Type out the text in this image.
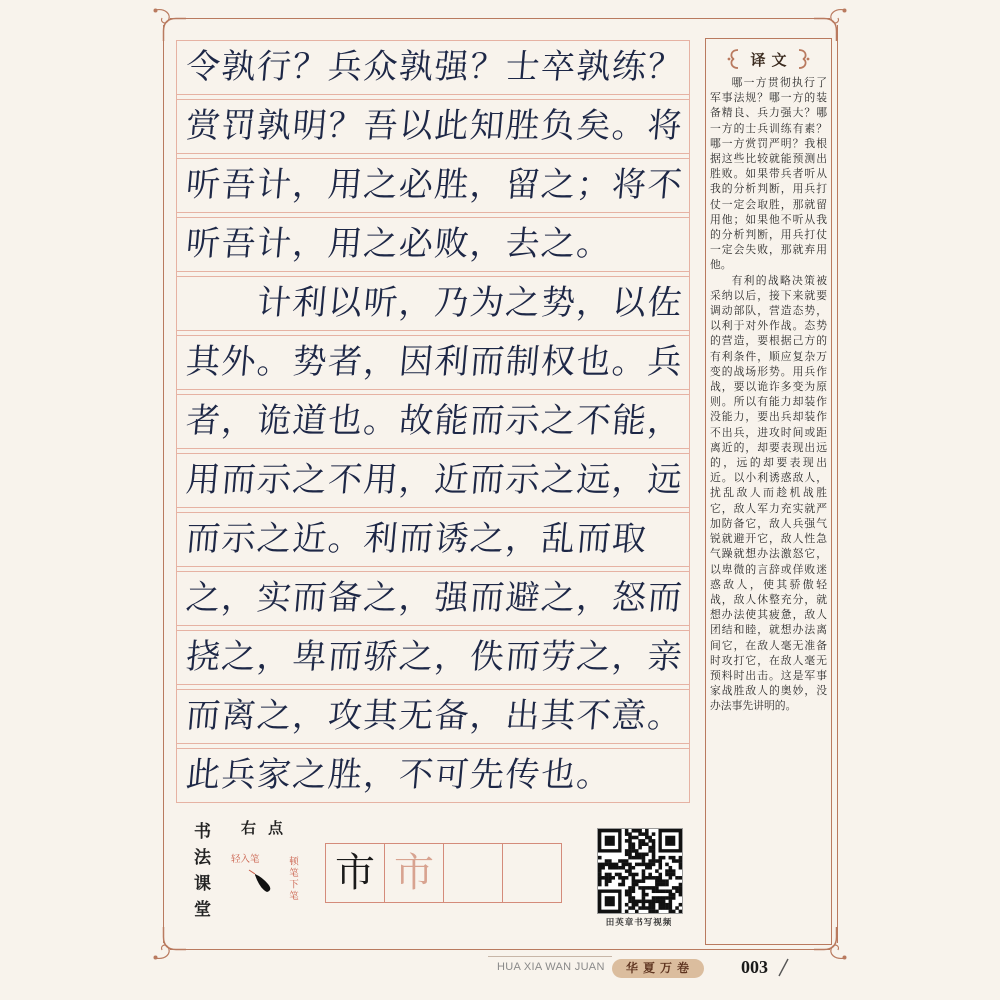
令孰行？兵众孰强？士卒孰练？
赏罚孰明？吾以此知胜负矣。将
听吾计，用之必胜，留之；将不
听吾计，用之必败，去之。
　　计利以听，乃为之势，以佐
其外。势者，因利而制权也。兵
者，诡道也。故能而示之不能，
用而示之不用，近而示之远，远
而示之近。利而诱之，乱而取
之，实而备之，强而避之，怒而
挠之，卑而骄之，佚而劳之，亲
而离之，攻其无备，出其不意。
此兵家之胜，不可先传也。
译文

哪一方贯彻执行了军事法规？哪一方的装备精良、兵力强大？哪一方的士兵训练有素？哪一方赏罚严明？我根据这些比较就能预测出胜败。如果带兵者听从我的分析判断，用兵打仗一定会取胜，那就留用他；如果他不听从我的分析判断，用兵打仗一定会失败，那就弃用他。

有利的战略决策被采纳以后，接下来就要调动部队，营造态势，以利于对外作战。态势的营造，要根据己方的有利条件，顺应复杂万变的战场形势。用兵作战，要以诡诈多变为原则。所以有能力却装作没能力，要出兵却装作不出兵，进攻时间或距离近的，却要表现出远的，远的却要表现出近。以小利诱惑敌人，扰乱敌人而趁机战胜它，敌人军力充实就严加防备它，敌人兵强气锐就避开它，敌人性急气躁就想办法激怒它，以卑微的言辞或佯败迷惑敌人，使其骄傲轻战，敌人休整充分，就想办法使其疲惫，敌人团结和睦，就想办法离间它，在敌人毫无准备时攻打它，在敌人毫无预料时出击。这是军事家战胜敌人的奥妙，没办法事先讲明的。

书法课堂 右点
轻入笔	顿笔下笔 市 市
田英章书写视频
HUA XIA WAN JUAN	华夏万卷	003
